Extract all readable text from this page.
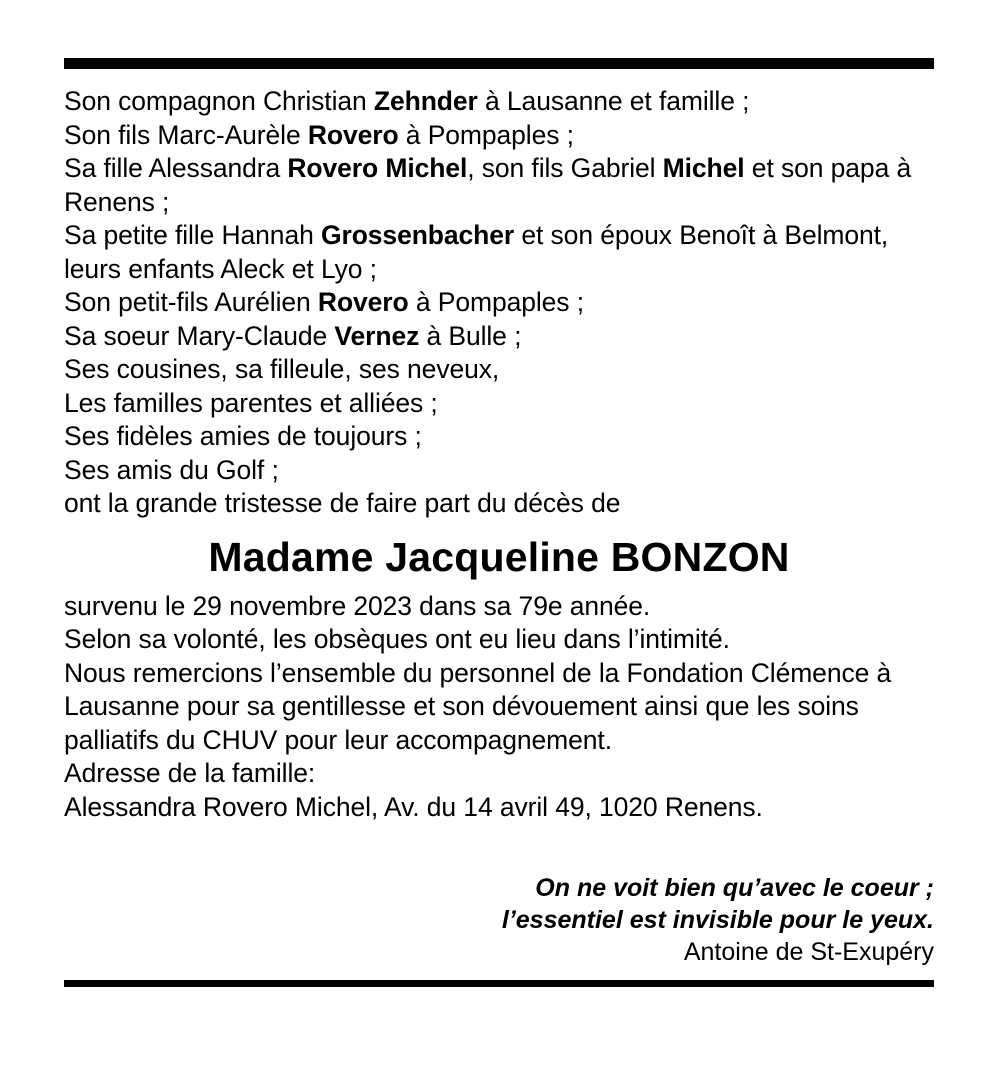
Son compagnon Christian Zehnder à Lausanne et famille ;

Son fils Marc-Aurèle Rovero à Pompaples ;

Sa fille Alessandra Rovero Michel, son fils Gabriel Michel et son papa à Renens ;

Sa petite fille Hannah Grossenbacher et son époux Benoît à Belmont, leurs enfants Aleck et Lyo ;

Son petit-fils Aurélien Rovero à Pompaples ;

Sa soeur Mary-Claude Vernez à Bulle ;

Ses cousines, sa filleule, ses neveux,

Les familles parentes et alliées ;

Ses fidèles amies de toujours ;

Ses amis du Golf ;

ont la grande tristesse de faire part du décès de

Madame Jacqueline BONZON

survenu le 29 novembre 2023 dans sa 79e année.

Selon sa volonté, les obsèques ont eu lieu dans l’intimité.

Nous remercions l’ensemble du personnel de la Fondation Clémence à Lausanne pour sa gentillesse et son dévouement ainsi que les soins palliatifs du CHUV pour leur accompagnement.

Adresse de la famille:

Alessandra Rovero Michel, Av. du 14 avril 49, 1020 Renens.

On ne voit bien qu’avec le coeur ;
l’essentiel est invisible pour le yeux.
Antoine de St-Exupéry
